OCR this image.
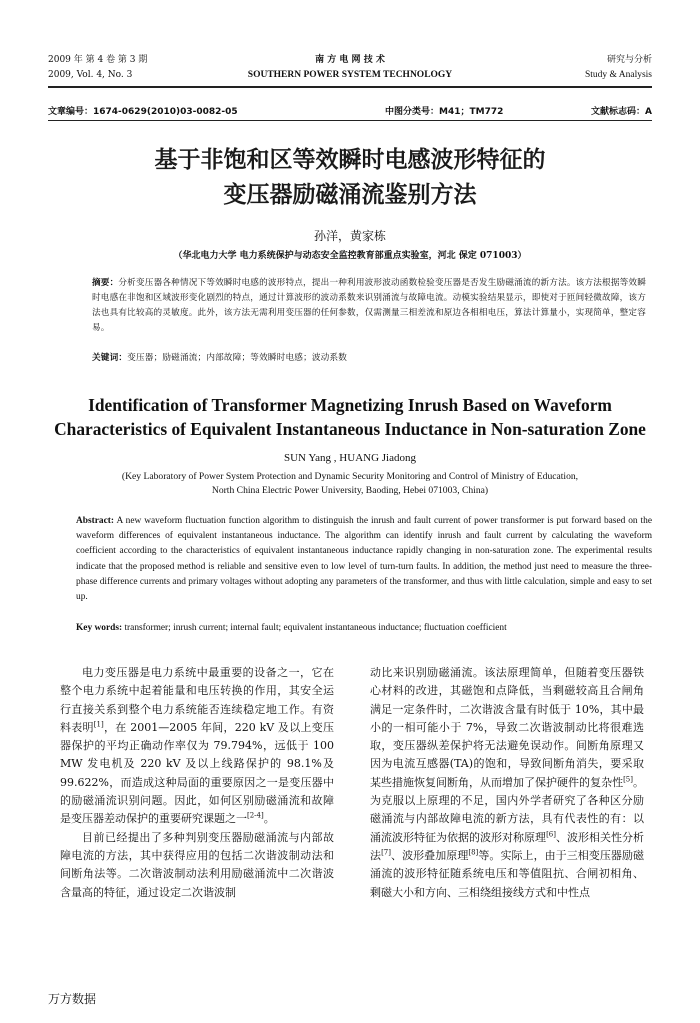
2009 年 第 4 卷 第 3 期
2009, Vol. 4, No. 3
南 方 电 网 技 术
SOUTHERN POWER SYSTEM TECHNOLOGY
研究与分析
Study & Analysis
文章编号：1674-0629(2010)03-0082-05	中图分类号：M41；TM772	文献标志码：A
基于非饱和区等效瞬时电感波形特征的
变压器励磁涌流鉴别方法
孙洋，黄家栋
（华北电力大学 电力系统保护与动态安全监控教育部重点实验室，河北 保定 071003）
摘要：分析变压器各种情况下等效瞬时电感的波形特点，提出一种利用波形波动函数检验变压器是否发生励磁涌流的新方法。该方法根据等效瞬时电感在非饱和区域波形变化剧烈的特点，通过计算波形的波动系数来识别涌流与故障电流。动模实验结果显示，即使对于匝间轻微故障，该方法也具有比较高的灵敏度。此外，该方法无需利用变压器的任何参数，仅需测量三相差流和原边各相相电压，算法计算量小，实现简单，整定容易。
关键词：变压器；励磁涌流；内部故障；等效瞬时电感；波动系数
Identification of Transformer Magnetizing Inrush Based on Waveform
Characteristics of Equivalent Instantaneous Inductance in Non-saturation Zone
SUN Yang , HUANG Jiadong
(Key Laboratory of Power System Protection and Dynamic Security Monitoring and Control of Ministry of Education,
North China Electric Power University, Baoding, Hebei 071003, China)
Abstract: A new waveform fluctuation function algorithm to distinguish the inrush and fault current of power transformer is put forward based on the waveform differences of equivalent instantaneous inductance. The algorithm can identify inrush and fault current by calculating the waveform coefficient according to the characteristics of equivalent instantaneous inductance rapidly changing in non-saturation zone. The experimental results indicate that the proposed method is reliable and sensitive even to low level of turn-turn faults. In addition, the method just need to measure the three-phase difference currents and primary voltages without adopting any parameters of the transformer, and thus with little calculation, simple and easy to set up.
Key words: transformer; inrush current; internal fault; equivalent instantaneous inductance; fluctuation coefficient

电力变压器是电力系统中最重要的设备之一，它在整个电力系统中起着能量和电压转换的作用，其安全运行直接关系到整个电力系统能否连续稳定地工作。有资料表明[1]，在 2001—2005 年间，220 kV 及以上变压器保护的平均正确动作率仅为 79.794%，远低于 100 MW 发电机及 220 kV 及以上线路保护的 98.1%及 99.622%，而造成这种局面的重要原因之一是变压器中的励磁涌流识别问题。因此，如何区别励磁涌流和故障是变压器差动保护的重要研究课题之一[2-4]。

目前已经提出了多种判别变压器励磁涌流与内部故障电流的方法，其中获得应用的包括二次谐波制动法和间断角法等。二次谐波制动法利用励磁涌流中二次谐波含量高的特征，通过设定二次谐波制

动比来识别励磁涌流。该法原理简单，但随着变压器铁心材料的改进，其磁饱和点降低，当剩磁较高且合闸角满足一定条件时，二次谐波含量有时低于 10%，其中最小的一相可能小于 7%，导致二次谐波制动比将很难选取，变压器纵差保护将无法避免误动作。间断角原理又因为电流互感器(TA)的饱和，导致间断角消失，要采取某些措施恢复间断角，从而增加了保护硬件的复杂性[5]。为克服以上原理的不足，国内外学者研究了各种区分励磁涌流与内部故障电流的新方法，具有代表性的有：以涌流波形特征为依据的波形对称原理[6]、波形相关性分析法[7]、波形叠加原理[8]等。实际上，由于三相变压器励磁涌流的波形特征随系统电压和等值阻抗、合闸初相角、剩磁大小和方向、三相绕组接线方式和中性点

万方数据
